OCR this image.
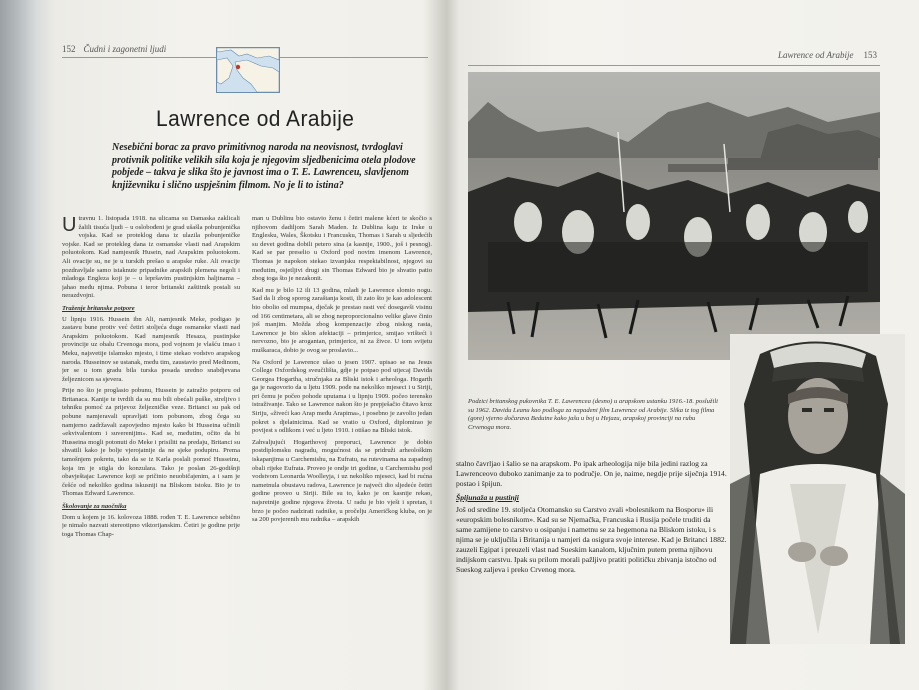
152 Čudni i zagonetni ljudi
Lawrence od Arabije
Nesebični borac za pravo primitivnog naroda na neovisnost, tvrdoglavi protivnik politike velikih sila koja je njegovim sljedbenicima otela plodove pobjede – takva je slika što je javnost ima o T. E. Lawrenceu, slavljenom književniku i slično uspješnim filmom. No je li to istina?

Utravnu 1. listopada 1918. na ulicama su Damaska zaklicali žalili tisuća ljudi – u oslobođeni je grad ušašla pobunjenička vojska. Kad se proteklog dana iz ulazila pobunjeničke vojske. Kad se protekleg dana iz osmanske vlasti nad Arapskim poluotokom. Kad namjesnik Husein, nad Arapskim poluotokom. Ali ovacije su, ne je u turskih prešao u arapske ruke. Ali ovacije pozdravljale samo istaknute pripadnike arapskih plemena negoli i mladoga Engleza koji je – u lepršavim pustinjskim haljinama – jahao među njima. Pobuna i teror britanski zaštitnik postali su nerazdvojni.

Traženje britanske potpore

U lipnju 1916. Hussein ibn Ali, namjesnik Meke, podigao je zastavu bune protiv već četiri stoljeća duge osmanske vlasti nad Arapskim poluotokom. Kad namjesnik Hesaza, pustinjske provincije uz obalu Crvenoga mora, pod vojnom je vlašću imao i Meku, najsvetije islamsko mjesto, i time stekao vodstvo arapskog naroda. Husseinov se ustanak, među tim, zaustavio pred Medinom, jer se u tom gradu bila turska posada uredno snabdjevana željeznicom sa sjevera.

Prije no što je proglasio pobunu, Hussein je zatražio potporu od Britanaca. Kanije te tvrdili da su mu bili obećali puške, streljivo i tehniku pomoć za prijevoz željezničke veze. Britanci su pak od pobune namjeravali upravljati tom pobunom, zbog čega su namjerno zadržavali zapovjedno mjesto kako bi Husseina učinili «ekvivalentom i suverenijim». Kad se, međutim, očito da bi Husseina mogli potonuti do Meke i prisiliti na predaju, Britanci su shvatili kako je bolje vjerojatnije da ne sjeke podupiru. Prema tamošnjem pokretu, tako da se iz Karla poslali pomoć Husseinu, koja im je stigla do konzulara. Tako je poslan 26-godišnji obavještajac Lawrence koji se pričinio neuobičajenim, a i sam je češće od nekoliko godina iskusniji na Bliskom istoku. Bio je to Thomas Edward Lawrence.

Školovanje za naočnika

Dom u kojem je 16. kolovoza 1888. rođen T. E. Lawrence sebično je nimalo nazvati stereotipno viktorijanskim. Četiri je godine prije toga Thomas Chap-

man u Dublinu bio ostavio ženu i četiri malene kćeri te skočio s njihovom dadiljom Sarah Maden. Iz Dublina kaju iz Irske u Englesku, Wales, Škotsku i Francusku, Thomas i Sarah u sljedećih su devet godina dobili petero sina (a kasnije, 1900., još i pesnog). Kad se par preselio u Oxford pod novim imenom Lawrence, Thomas je napokon stekao izvanjsku respektabilnost, njegovi su međutim, osjetljivi drugi sin Thomas Edward bio je shvatio patio zbog toga što je nezakonit.

Kad mu je bilo 12 ili 13 godina, mladi je Lawrence slomio nogu. Sad da li zbog sporog zaraštanja kosti, ili zato što je kao adolescent bio obolio od mumpsa, dječak je prestao rasti već dosegavši visinu od 166 centimetara, ali se zbog neproporcionalno velike glave činio još manjim. Možda zbog kompenzacije zbog niskog rasta, Lawrence je bio sklon afektaciji – primjerice, smijao vrišteći i nervozno, bio je arogantan, primjerice, ni za živce. U tom svijetu muškaraca, dobio je ovog se proslavio...

Na Oxford je Lawrence ušao u jesen 1907. upisao se na Jesus College Oxfordskog sveučilišta, gdje je potpao pod utjecaj Davida Georgea Hogartha, stručnjaka za Bliski istok i arheologa. Hogarth ga je nagovorio da u ljetu 1909. pođe na nekoliko mjeseci i u Siriji, pri čemu je počeo pohode uputama i u lipnju 1909. počeo terensko istraživanje. Tako se Lawrence nakon što je prepješačio čitavo kroz Siriju, «živeći kao Arap među Arapima», i posebno je zavolio jedan pokret s djelatnicima. Kad se vratio u Oxford, diplomirao je povijest s odlikom i već u ljeto 1910. i otišao na Bliski istok.

Zahvaljujući Hogarthovoj preporuci, Lawrence je dobio postdiplomsku nagradu, mogućnost da se pridruži arheološkim iskapanjima u Carchemishu, na Eufratu, na rutevinama na zapadnoj obali rijeke Eufrata. Proveo je ondje tri godine, u Carchemishu pod vodstvom Leonarda Woolleyja, i uz nekoliko mjeseci, kad bi rućna nametnula obustavu radova, Lawrence je najveći dio sljedeće četiri godine proveo u Siriji. Bile su to, kako je on kasnije rekao, najsretnije godine njegova života. U radu je bio vješt i spretan, i brzo je počeo nadzirati radnike, u pročelju Američkog kluba, on je sa 200 povjerenih mu radnika – arapskih

Lawrence od Arabije 153
Podzici britanskog pukovnika T. E. Lawrencea (desno) u arapskom ustanku 1916.-18. poslužili su 1962. Davidu Leanu kao podloga za napadeni film Lawrence od Arabije. Slika iz tog filma (gore) vjerno dočarava Beduine kako jašu u boj u Hejazu, arapskoj provinciji na rubu Crvenoga mora.

stalno čavrljao i šalio se na arapskom. Po ipak arheologija nije bila jedini razlog za Lawrenceovo duboko zanimanje za to područje. On je, naime, negdje prije siječnja 1914. postao i špijun.

Špijunaža u pustinji

Još od sredine 19. stoljeća Otomansko su Carstvo zvali «bolesnikom na Bosporu» ili «europskim bolesnikom». Kad su se Njemačka, Francuska i Rusija počele truditi da same zamijene to carstvo u osipanju i nametnu se za hegemona na Bliskom istoku, i s njima se je uključila i Britanija u namjeri da osigura svoje interese. Kad je Britanci 1882. zauzeli Egipat i preuzeli vlast nad Sueskim kanalom, ključnim putem prema njihovu indijskom carstvu. Ipak su prilom morali pažljivo pratiti političku zbivanja istočno od Sueskog zaljeva i preko Crvenog mora.
